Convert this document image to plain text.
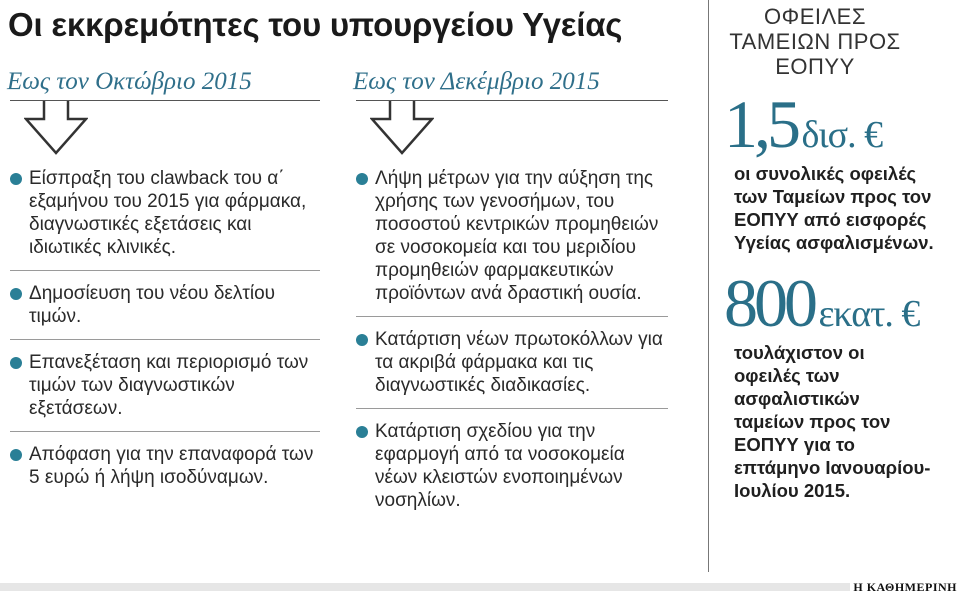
Οι εκκρεμότητες του υπουργείου Υγείας
Εως τον Οκτώβριο 2015
Είσπραξη του clawback του α΄ εξαμήνου του 2015 για φάρμακα, διαγνωστικές εξετάσεις και ιδιωτικές κλινικές.
Δημοσίευση του νέου δελτίου τιμών.
Επανεξέταση και περιορισμό των τιμών των διαγνωστικών εξετάσεων.
Απόφαση για την επαναφορά των 5 ευρώ ή λήψη ισοδύναμων.
Εως τον Δεκέμβριο 2015
Λήψη μέτρων για την αύξηση της χρήσης των γενοσήμων, του ποσοστού κεντρικών προμηθειών σε νοσοκομεία και του μεριδίου προμηθειών φαρμακευτικών προϊόντων ανά δραστική ουσία.
Κατάρτιση νέων πρωτοκόλλων για τα ακριβά φάρμακα και τις διαγνωστικές διαδικασίες.
Κατάρτιση σχεδίου για την εφαρμογή από τα νοσοκομεία νέων κλειστών ενοποιημένων νοσηλίων.
ΟΦΕΙΛΕΣ ΤΑΜΕΙΩΝ ΠΡΟΣ ΕΟΠΥΥ
1,5 δισ. €
οι συνολικές οφειλές των Ταμείων προς τον ΕΟΠΥΥ από εισφορές Υγείας ασφαλισμένων.
800 εκατ. €
τουλάχιστον οι οφειλές των ασφαλιστικών ταμείων προς τον ΕΟΠΥΥ για το επτάμηνο Ιανουαρίου-Ιουλίου 2015.
Η ΚΑΘΗΜΕΡΙΝΗ
